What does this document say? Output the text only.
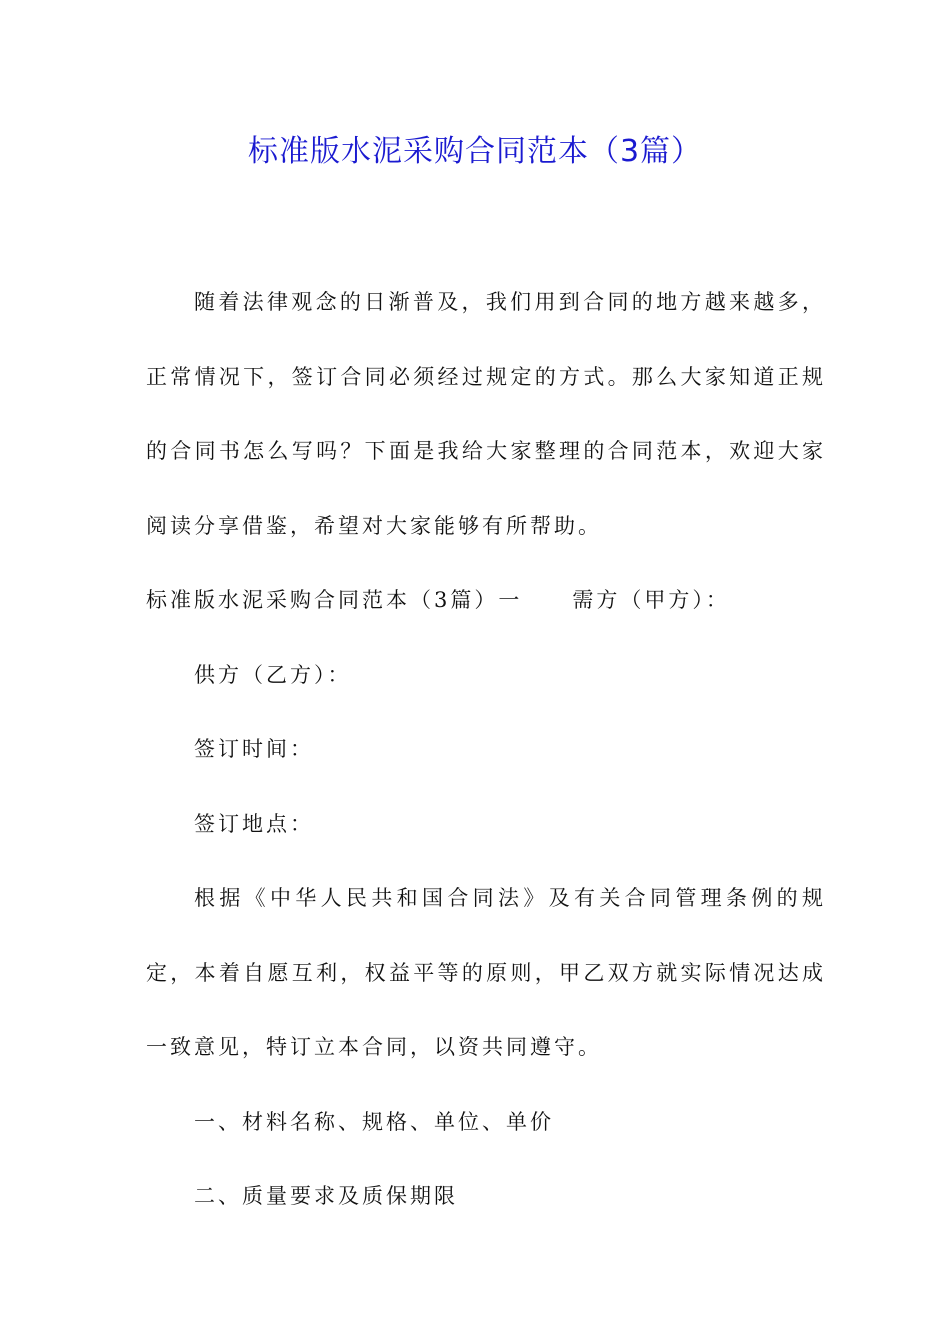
标准版水泥采购合同范本（3篇）

随着法律观念的日渐普及，我们用到合同的地方越来越多，正常情况下，签订合同必须经过规定的方式。那么大家知道正规的合同书怎么写吗？下面是我给大家整理的合同范本，欢迎大家阅读分享借鉴，希望对大家能够有所帮助。

标准版水泥采购合同范本（3篇）一 需方（甲方）：

供方（乙方）：

签订时间：

签订地点：

根据《中华人民共和国合同法》及有关合同管理条例的规定，本着自愿互利，权益平等的原则，甲乙双方就实际情况达成一致意见，特订立本合同，以资共同遵守。

一、材料名称、规格、单位、单价

二、质量要求及质保期限
